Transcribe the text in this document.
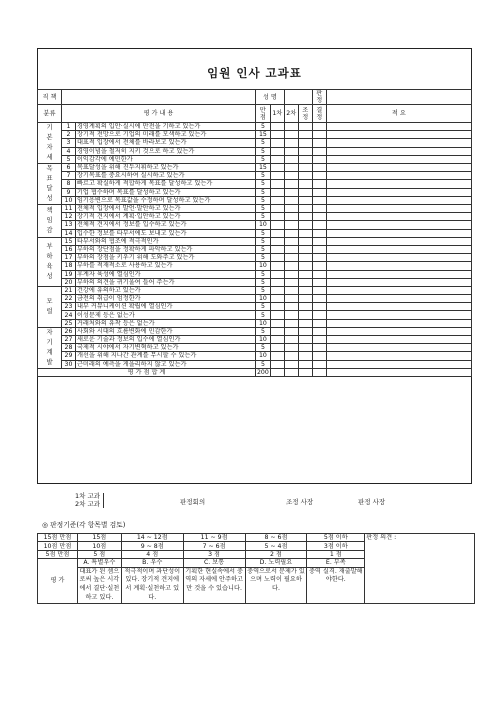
임원 인사 고과표
직 책			성 명				판 정	
분류	평 가 내 용		만점	1차	2차	조정	결정	적 요
기본자세	1	경영계획의 입안·실시에 만전을 기하고 있는가	5					
	2	장기적 전망으로 기업의 미래를 모색하고 있는가	15					
	3	대표적 입장에서 전체를 바라보고 있는가	5					
	4	경영이념을 철저히 지키 것으로 하고 있는가	5					
	5	이익감각에 예민한가	5					
목표달성	6	목표달성을 위해 진두지휘하고 있는가	15					
	7	장기목표를 중요시하여 실시하고 있는가	5					
	8	빠르고 확실하게 적합하게 목표를 달성하고 있는가	5					
	9	기업 협수하며 목표를 달성하고 있는가	5					
	10	임기응변으로 목표값을 수정하며 달성하고 있는가	5					
책임감	11	전체적 입장에서 발언·발안하고 있는가	5					
	12	장기적 견지에서 계획·입안하고 있는가	5					
	13	전체적 견지에서 정보를 입수하고 있는가	10					
	14	입수한 정보를 타부서에도 보내고 있는가	5					
부하육성	15	타부서와의 협조에 적극적인가	5					
	16	부하의 장단점을 정확하게 파악하고 있는가	5					
	17	부하의 장점을 키우기 위해 도와주고 있는가	5					
	18	부하를 적재적소로 사용하고 있는가	10					
	19	후계자 육성에 열심인가	5					
	20	부하의 의견을 귀기울여 들어 주는가	5					
모럴	21	건강에 유의하고 있는가	5					
	22	금전의 취급이 엄정한가	10					
	23	내부 커뮤니케이션 확립에 열심인가	5					
	24	이성문제 등은 없는가	5					
	25	거래처와의 유착 등은 없는가	10					
자기계발	26	사회와 시대의 흐름변화에 민감한가	5					
	27	새로운 기술과 정보의 입수에 열심인가	10					
	28	국제적 시야에서 자기변혁하고 있는가	5					
	29	개선을 위해 지나간 관계를 무시할 수 있는가	10					
	30	근미래의 예측을 게을리하지 않고 있는가	5					
평 가 점 합 계			200					
1차 고과
2차 고과	판정회의	조정 사장	판정 사장
◎ 판정기준(각 항목별 검토)
15점 만점	15점	14 ~ 12점	11 ~ 9점	8 ~ 6점	5점 이하	판정 의견 :
10점 만점	10점	9 ~ 8점	7 ~ 6점	5 ~ 4점	3점 이하	
5점 만점	5 점	4 점	3 점	2 점	1 점	
평 가	A. 특별우수	B. 우수	C. 보통	D. 노력필요	E. 부족	
	대표가 된 셈으로써 높은 시각에서 결단·실천하고 있다.	적극적이며 과단성이 있다. 장기적 견지에서 계획·실천하고 있다.	기획한 현실속에서 중역의 자세에 안주하고 만 것을 수 있습니다.	중역으로서 문제가 있으며 노력이 필요하다.	중역 실격. 재출발해야한다.	
